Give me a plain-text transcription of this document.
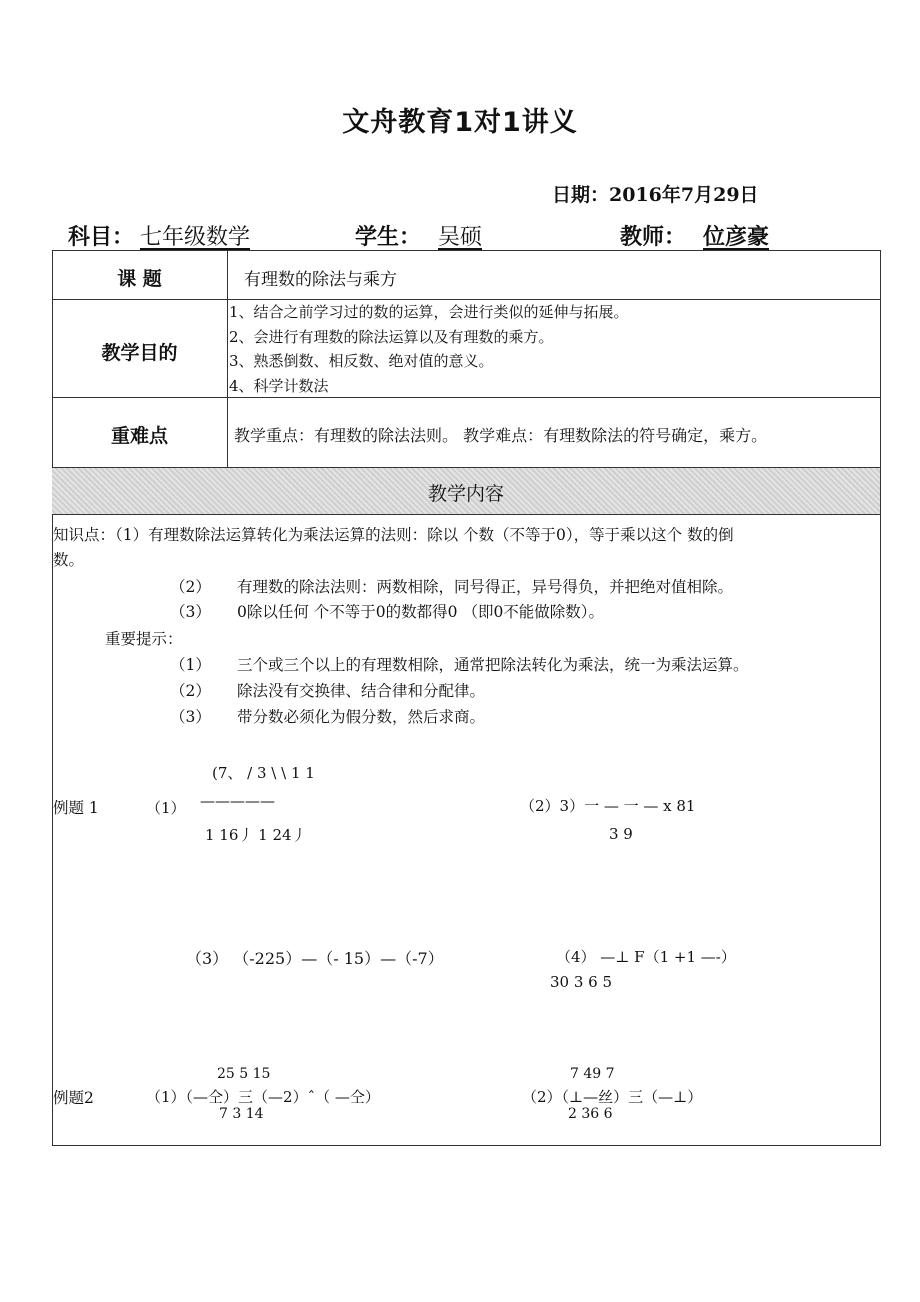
文舟教育1对1讲义
日期：2016年7月29日
科目： 七年级数学	学生： 吴硕	教师： 位彦豪
课 题	有理数的除法与乘方
教学目的
1、结合之前学习过的数的运算，会进行类似的延伸与拓展。
2、会进行有理数的除法运算以及有理数的乘方。
3、熟悉倒数、相反数、绝对值的意义。
4、科学计数法
重难点	教学重点：有理数的除法法则。 教学难点：有理数除法的符号确定，乘方。
教学内容
知识点：（1）有理数除法运算转化为乘法运算的法则：除以 个数（不等于0），等于乘以这个 数的倒
数。
（2） 有理数的除法法则：两数相除，同号得正，异号得负，并把绝对值相除。
（3） 0除以任何 个不等于0的数都得0 （即0不能做除数）。
重要提示：
（1） 三个或三个以上的有理数相除，通常把除法转化为乘法，统一为乘法运算。
（2） 除法没有交换律、结合律和分配律。
（3） 带分数必须化为假分数，然后求商。
(7、 / 3 \ \ 1 1
例题 1	（1） —————
1 16丿 1 24丿
（2）3）一 — 一 — x 81
3 9
（3） （-225）—（- 15）—（-7）	（4） —⊥ F（1 +1 —-）
30 3 6 5
25 5 15
例题2	（1）（—仝）三（—2）ˆ（ —仝）
7 3 14
7 49 7
（2）（⊥—丝）三（—⊥）
2 36 6
